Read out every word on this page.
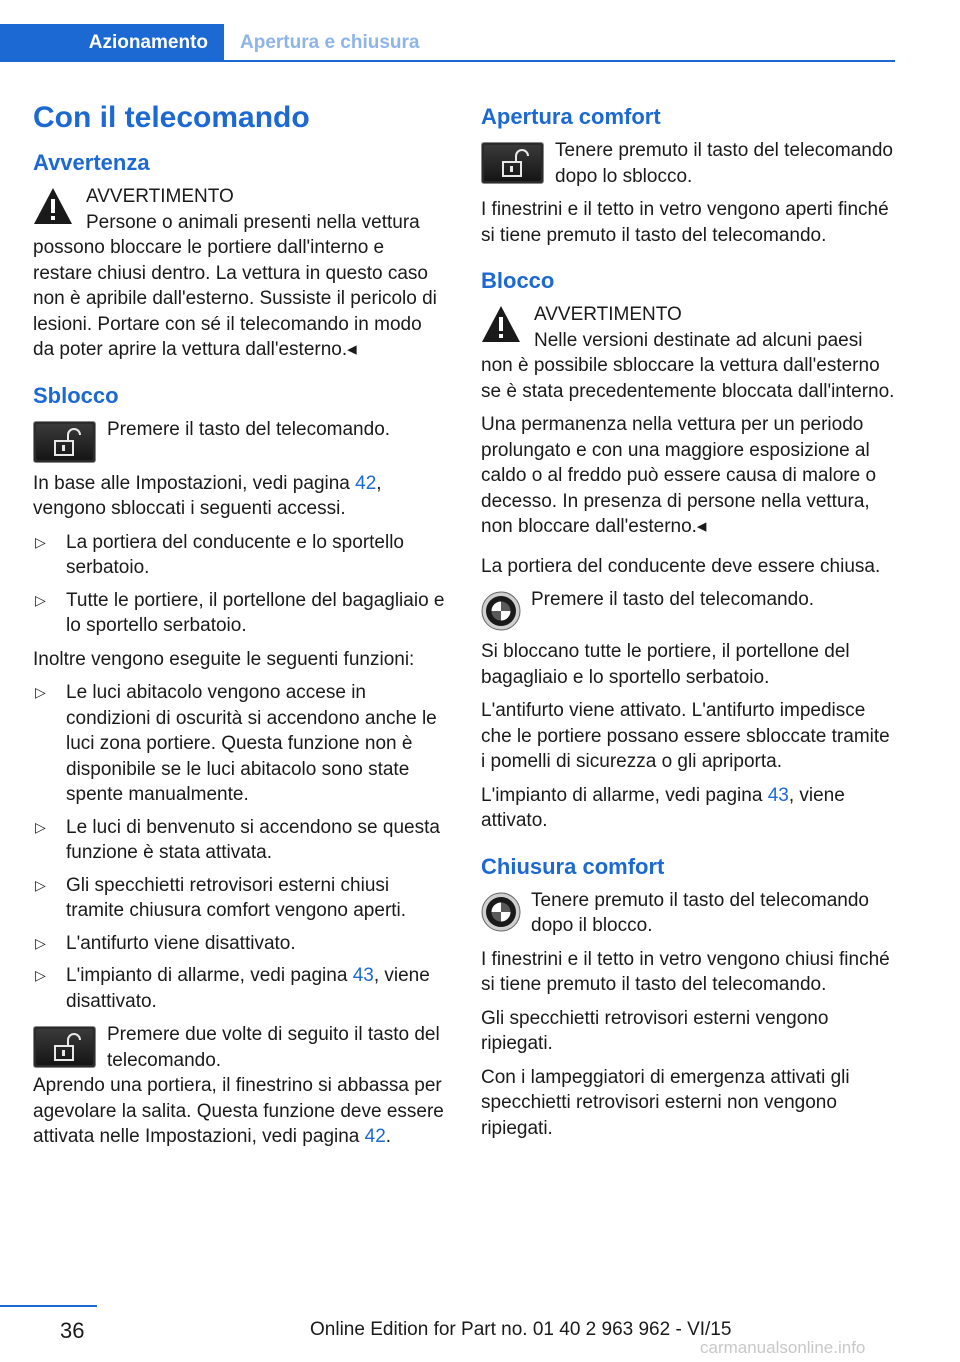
Azionamento	Apertura e chiusura
Con il telecomando
Avvertenza

AVVERTIMENTO

Persone o animali presenti nella vettura possono bloccare le portiere dall'interno e restare chiusi dentro. La vettura in questo caso non è apribile dall'esterno. Sussiste il pericolo di lesioni. Portare con sé il telecomando in modo da poter aprire la vettura dall'esterno.◂

Sblocco
Premere il tasto del telecomando.

In base alle Impostazioni, vedi pagina 42, vengono sbloccati i seguenti accessi.

▷ La portiera del conducente e lo sportello serbatoio.
▷ Tutte le portiere, il portellone del bagagliaio e lo sportello serbatoio.

Inoltre vengono eseguite le seguenti funzioni:

▷ Le luci abitacolo vengono accese in condizioni di oscurità si accendono anche le luci zona portiere. Questa funzione non è disponibile se le luci abitacolo sono state spente manualmente.
▷ Le luci di benvenuto si accendono se questa funzione è stata attivata.
▷ Gli specchietti retrovisori esterni chiusi tramite chiusura comfort vengono aperti.
▷ L'antifurto viene disattivato.
▷ L'impianto di allarme, vedi pagina 43, viene disattivato.
Premere due volte di seguito il tasto del telecomando.

Aprendo una portiera, il finestrino si abbassa per agevolare la salita. Questa funzione deve essere attivata nelle Impostazioni, vedi pagina 42.

Apertura comfort
Tenere premuto il tasto del telecomando dopo lo sblocco.

I finestrini e il tetto in vetro vengono aperti finché si tiene premuto il tasto del telecomando.

Blocco

AVVERTIMENTO

Nelle versioni destinate ad alcuni paesi non è possibile sbloccare la vettura dall'esterno se è stata precedentemente bloccata dall'interno.

Una permanenza nella vettura per un periodo prolungato e con una maggiore esposizione al caldo o al freddo può essere causa di malore o decesso. In presenza di persone nella vettura, non bloccare dall'esterno.◂

La portiera del conducente deve essere chiusa.

Premere il tasto del telecomando.

Si bloccano tutte le portiere, il portellone del bagagliaio e lo sportello serbatoio.

L'antifurto viene attivato. L'antifurto impedisce che le portiere possano essere sbloccate tramite i pomelli di sicurezza o gli apriporta.

L'impianto di allarme, vedi pagina 43, viene attivato.

Chiusura comfort
Tenere premuto il tasto del telecomando dopo il blocco.

I finestrini e il tetto in vetro vengono chiusi finché si tiene premuto il tasto del telecomando.

Gli specchietti retrovisori esterni vengono ripiegati.

Con i lampeggiatori di emergenza attivati gli specchietti retrovisori esterni non vengono ripiegati.

36	Online Edition for Part no. 01 40 2 963 962 - VI/15
carmanualsonline.info
